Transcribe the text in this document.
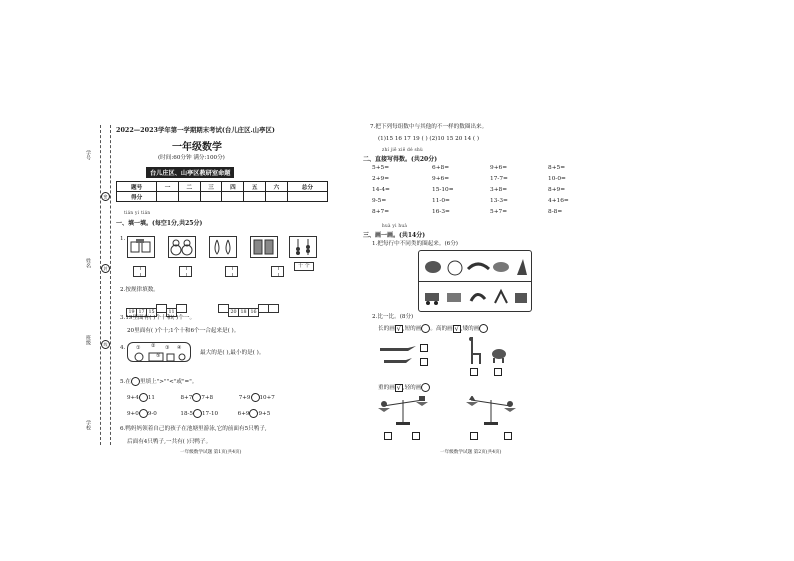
学号
姓名
班级
学校
密
封
线
2022—2023学年第一学期期末考试(台儿庄区.山亭区)
一年级数学
(时间:60分钟 满分:100分)
台儿庄区、山亭区教研室命题
题号	一	二	三	四	五	六	总分
得分							
tián yi tián
一、填一填。(每空1分,共25分)
1.

十 个
2.按规律填数。
19 17 15	11	20 18 16
3.19里面有( )个十和( )个一。
20里面有( )个十;1个十和6个一合起来是( )。
4. ① ② ③ ④
⑤	最大的是( ),最小的是( )。
5.在 里填上">""<"或"="。
9+4 11	8+7 7+8	7+9 10+7
9+0 9-0	18-5 17-10	6+9 9+5
6.鸭妈妈领着自己的孩子在池塘里游泳,它的前面有5只鸭子,
后面有4只鸭子,一共有( )只鸭子。
一年级数学试题 第1页(共4页)
7.把下列每组数中与其他的不一样的数圈出来。
(1)15 16 17 19 ( ) (2)10 15 20 14 ( )
zhí jiē xiě dé shù
二、直接写得数。(共20分)
5+5=	6+8=	9+6=	8+5=
2+9=	9+6=	17-7=	10-0=
14-4=	15-10=	3+8=	8+9=
9-5=	11-0=	13-3=	4+16=
8+7=	16-3=	5+7=	8-8=
huà yi huà
三、画一画。(共14分)
1.把每行中不同类的圈起来。(6分)
2.比一比。(8分)
长的画 √ ,短的画 。高的画 √ ,矮的画
重的画 √ ,轻的画
一年级数学试题 第2页(共4页)
